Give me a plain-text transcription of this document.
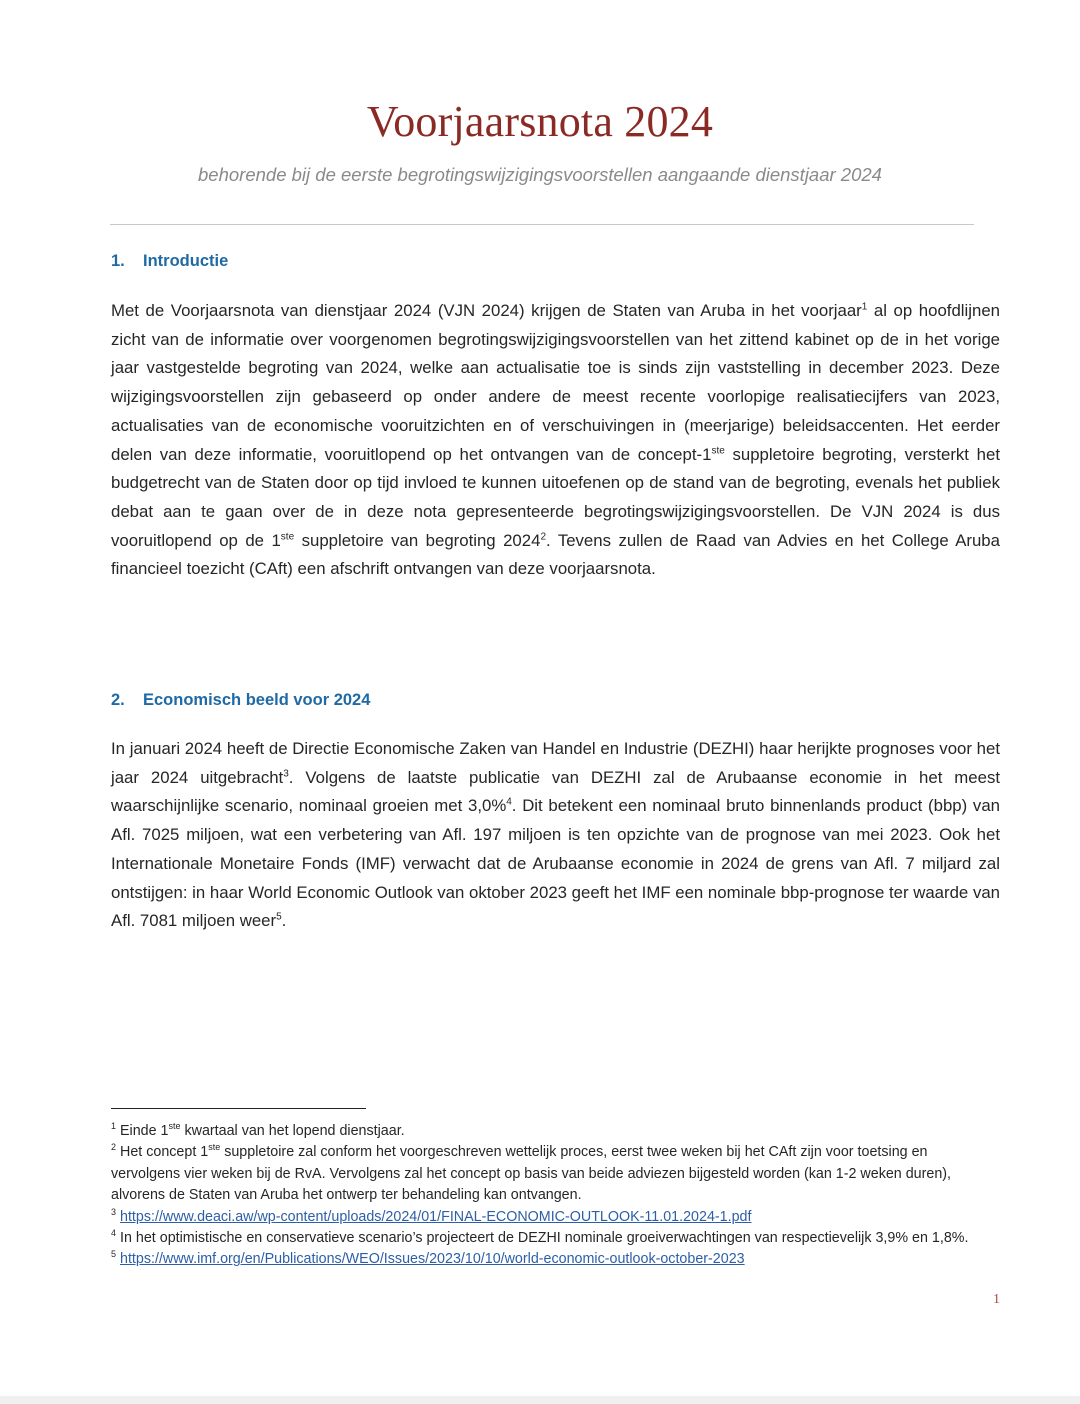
Voorjaarsnota 2024
behorende bij de eerste begrotingswijzigingsvoorstellen aangaande dienstjaar 2024
1. Introductie

Met de Voorjaarsnota van dienstjaar 2024 (VJN 2024) krijgen de Staten van Aruba in het voorjaar$^1$ al op hoofdlijnen zicht van de informatie over voorgenomen begrotingswijzigingsvoorstellen van het zittend kabinet op de in het vorige jaar vastgestelde begroting van 2024, welke aan actualisatie toe is sinds zijn vaststelling in december 2023. Deze wijzigingsvoorstellen zijn gebaseerd op onder andere de meest recente voorlopige realisatiecijfers van 2023, actualisaties van de economische vooruitzichten en of verschuivingen in (meerjarige) beleidsaccenten. Het eerder delen van deze informatie, vooruitlopend op het ontvangen van de concept-1ste suppletoire begroting, versterkt het budgetrecht van de Staten door op tijd invloed te kunnen uitoefenen op de stand van de begroting, evenals het publiek debat aan te gaan over de in deze nota gepresenteerde begrotingswijzigingsvoorstellen. De VJN 2024 is dus vooruitlopend op de 1ste suppletoire van begroting 2024$^2$. Tevens zullen de Raad van Advies en het College Aruba financieel toezicht (CAft) een afschrift ontvangen van deze voorjaarsnota.

2. Economisch beeld voor 2024

In januari 2024 heeft de Directie Economische Zaken van Handel en Industrie (DEZHI) haar herijkte prognoses voor het jaar 2024 uitgebracht$^3$. Volgens de laatste publicatie van DEZHI zal de Arubaanse economie in het meest waarschijnlijke scenario, nominaal groeien met 3,0%$^4$. Dit betekent een nominaal bruto binnenlands product (bbp) van Afl. 7025 miljoen, wat een verbetering van Afl. 197 miljoen is ten opzichte van de prognose van mei 2023. Ook het Internationale Monetaire Fonds (IMF) verwacht dat de Arubaanse economie in 2024 de grens van Afl. 7 miljard zal ontstijgen: in haar World Economic Outlook van oktober 2023 geeft het IMF een nominale bbp-prognose ter waarde van Afl. 7081 miljoen weer$^5$.

$^1$ Einde 1ste kwartaal van het lopend dienstjaar.

$^2$ Het concept 1ste suppletoire zal conform het voorgeschreven wettelijk proces, eerst twee weken bij het CAft zijn voor toetsing en vervolgens vier weken bij de RvA. Vervolgens zal het concept op basis van beide adviezen bijgesteld worden (kan 1-2 weken duren), alvorens de Staten van Aruba het ontwerp ter behandeling kan ontvangen.

$^3$ https://www.deaci.aw/wp-content/uploads/2024/01/FINAL-ECONOMIC-OUTLOOK-11.01.2024-1.pdf

$^4$ In het optimistische en conservatieve scenario’s projecteert de DEZHI nominale groeiverwachtingen van respectievelijk 3,9% en 1,8%.

$^5$ https://www.imf.org/en/Publications/WEO/Issues/2023/10/10/world-economic-outlook-october-2023

1
